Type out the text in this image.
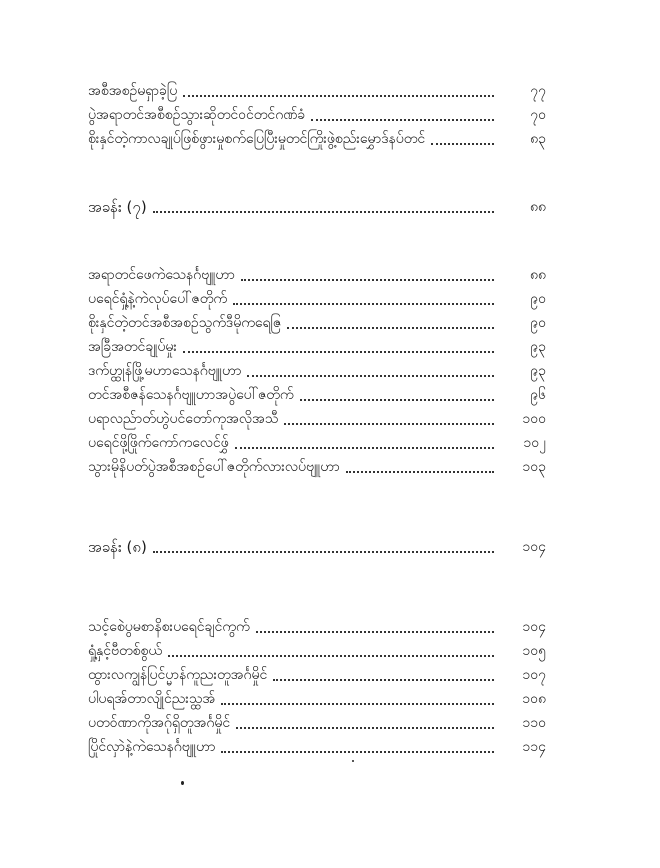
အစီအစဉ်မရှာခဲ့ပြ	၇၇
ပွဲအရာတင်အစီစဉ်သွားဆိုတင်ဝင်တင်ဂဏ်ခံ	၇၀
စိုးနှင်တဲ့ကာလချုပ်ဖြစ်ဖွားမှုစက်ပြေပြီးမှုတင်ကြိုးဖွဲ့စည်းမွှောဒ်နပ်တင်	၈၃
အခန်း (၇)	၈၈
အရာတင်ဖေကဲသေနင်္ဂဗျူဟာ	၈၈
ပရေင်ရှုံ့နဲ့ကဲလုပ်ပေါ်ဇတိုက်	၉၀
စိုးနှင်တဲ့တင်အစီအစဉ်သွက်ဒီမိုကရေဇြ	၉၀
အခြီအတင်ချုပ်မှုး	၉၃
ဒက်ဟ္ထုန်ဖြို့မဟာသေနင်္ဂဗျူဟာ	၉၃
တင်အစီဇန်သေနင်္ဂဗျူဟာအပွဲပေါ်ဇတိုက်	၉၆
ပရာလည်ာတ်ဟွဲပင်တော်ကုအလိုအသီ	၁၀၀
ပရေင်ဖို့ဖြိုက်ကော်ကလေင်ဖွှ်	၁၀၂
သွားမိုနိပတ်ပွဲအစီအစဉ်ပေါ်ဇတိုက်လားလပ်ဗျူဟာ	၁၀၃
အခန်း (၈)	၁၀၄
သင့်စေဲပွမစာနိစးပရေင်ချင်ကွက်	၁၀၄
ရှုံ့နှင့်ဗီတစ်စွယ်	၁၀၅
ထွားလကျွန်ပြင်ပ္မာန်ကူညးတူအင်္ဂမှိုင်	၁၀၇
ပါပရအ်တာလျိုင်ညးသ္ထအ်	၁၀၈
ပတဝ်ဏာကိုအဂ်ုရှိတူအင်္ဂမှိုင်	၁၁၀
ပြိုင်လှာဲနဲ့ကဲသေနင်္ဂဗျူဟာ	၁၁၄
